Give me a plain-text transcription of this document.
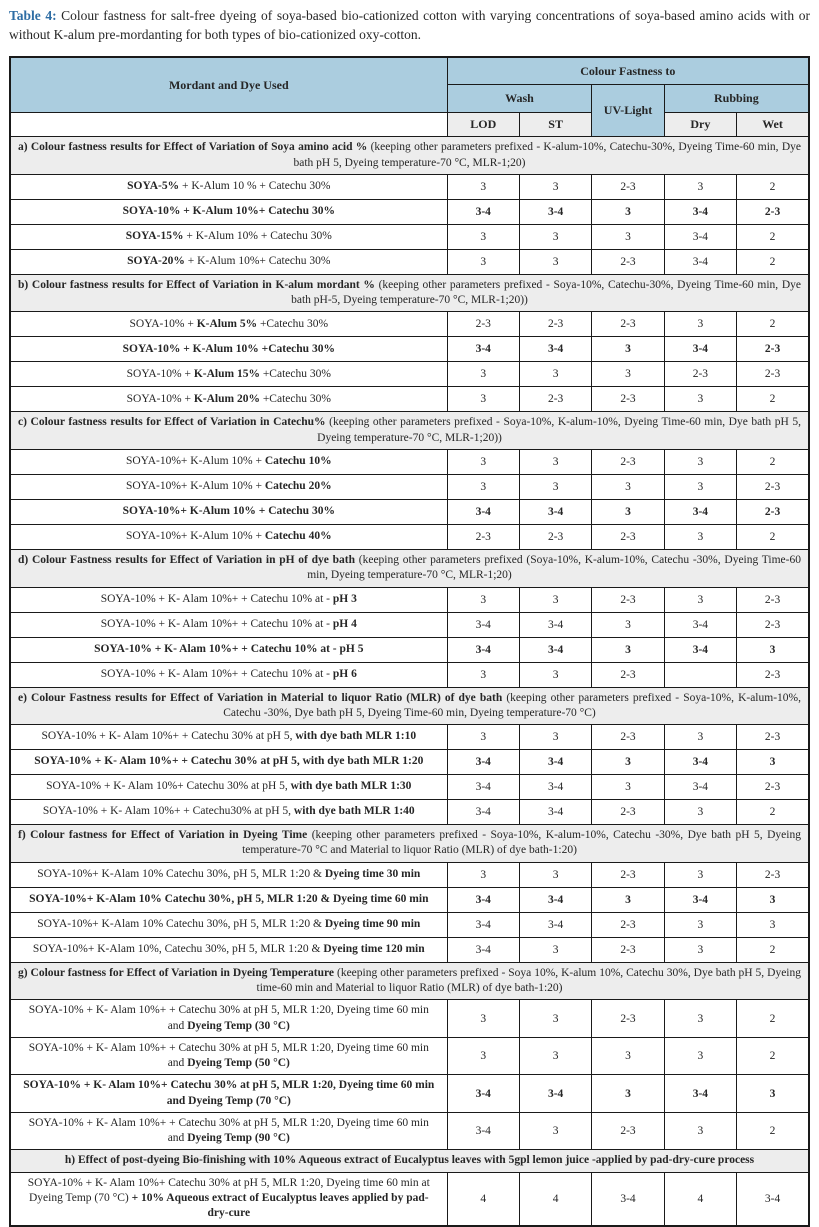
Table 4: Colour fastness for salt-free dyeing of soya-based bio-cationized cotton with varying concentrations of soya-based amino acids with or without K-alum pre-mordanting for both types of bio-cationized oxy-cotton.
Mordant and Dye Used	Colour Fastness to				
	Wash		UV-Light	Rubbing	
	LOD	ST		Dry	Wet
a) Colour fastness results for Effect of Variation of Soya amino acid % (keeping other parameters prefixed - K-alum-10%, Catechu-30%, Dyeing Time-60 min, Dye bath pH 5, Dyeing temperature-70 °C, MLR-1;20)					
SOYA-5% + K-Alum 10 % + Catechu 30%	3	3	2-3	3	2
SOYA-10% + K-Alum 10%+ Catechu 30%	3-4	3-4	3	3-4	2-3
SOYA-15% + K-Alum 10% + Catechu 30%	3	3	3	3-4	2
SOYA-20% + K-Alum 10%+ Catechu 30%	3	3	2-3	3-4	2
b) Colour fastness results for Effect of Variation in K-alum mordant % (keeping other parameters prefixed - Soya-10%, Catechu-30%, Dyeing Time-60 min, Dye bath pH-5, Dyeing temperature-70 °C, MLR-1;20))					
SOYA-10% + K-Alum 5% +Catechu 30%	2-3	2-3	2-3	3	2
SOYA-10% + K-Alum 10% +Catechu 30%	3-4	3-4	3	3-4	2-3
SOYA-10% + K-Alum 15% +Catechu 30%	3	3	3	2-3	2-3
SOYA-10% + K-Alum 20% +Catechu 30%	3	2-3	2-3	3	2
c) Colour fastness results for Effect of Variation in Catechu% (keeping other parameters prefixed - Soya-10%, K-alum-10%, Dyeing Time-60 min, Dye bath pH 5, Dyeing temperature-70 °C, MLR-1;20))					
SOYA-10%+ K-Alum 10% + Catechu 10%	3	3	2-3	3	2
SOYA-10%+ K-Alum 10% + Catechu 20%	3	3	3	3	2-3
SOYA-10%+ K-Alum 10% + Catechu 30%	3-4	3-4	3	3-4	2-3
SOYA-10%+ K-Alum 10% + Catechu 40%	2-3	2-3	2-3	3	2
d) Colour Fastness results for Effect of Variation in pH of dye bath (keeping other parameters prefixed (Soya-10%, K-alum-10%, Catechu -30%, Dyeing Time-60 min, Dyeing temperature-70 °C, MLR-1;20)					
SOYA-10% + K- Alam 10%+ + Catechu 10% at - pH 3	3	3	2-3	3	2-3
SOYA-10% + K- Alam 10%+ + Catechu 10% at - pH 4	3-4	3-4	3	3-4	2-3
SOYA-10% + K- Alam 10%+ + Catechu 10% at - pH 5	3-4	3-4	3	3-4	3
SOYA-10% + K- Alam 10%+ + Catechu 10% at - pH 6	3	3	2-3		2-3
e) Colour Fastness results for Effect of Variation in Material to liquor Ratio (MLR) of dye bath (keeping other parameters prefixed - Soya-10%, K-alum-10%, Catechu -30%, Dye bath pH 5, Dyeing Time-60 min, Dyeing temperature-70 °C)					
SOYA-10% + K- Alam 10%+ + Catechu 30% at pH 5, with dye bath MLR 1:10	3	3	2-3	3	2-3
SOYA-10% + K- Alam 10%+ + Catechu 30% at pH 5, with dye bath MLR 1:20	3-4	3-4	3	3-4	3
SOYA-10% + K- Alam 10%+ Catechu 30% at pH 5, with dye bath MLR 1:30	3-4	3-4	3	3-4	2-3
SOYA-10% + K- Alam 10%+ + Catechu30% at pH 5, with dye bath MLR 1:40	3-4	3-4	2-3	3	2
f) Colour fastness for Effect of Variation in Dyeing Time (keeping other parameters prefixed - Soya-10%, K-alum-10%, Catechu -30%, Dye bath pH 5, Dyeing temperature-70 °C and Material to liquor Ratio (MLR) of dye bath-1:20)					
SOYA-10%+ K-Alam 10% Catechu 30%, pH 5, MLR 1:20 & Dyeing time 30 min	3	3	2-3	3	2-3
SOYA-10%+ K-Alam 10% Catechu 30%, pH 5, MLR 1:20 & Dyeing time 60 min	3-4	3-4	3	3-4	3
SOYA-10%+ K-Alam 10% Catechu 30%, pH 5, MLR 1:20 & Dyeing time 90 min	3-4	3-4	2-3	3	3
SOYA-10%+ K-Alam 10%, Catechu 30%, pH 5, MLR 1:20 & Dyeing time 120 min	3-4	3	2-3	3	2
g) Colour fastness for Effect of Variation in Dyeing Temperature (keeping other parameters prefixed - Soya 10%, K-alum 10%, Catechu 30%, Dye bath pH 5, Dyeing time-60 min and Material to liquor Ratio (MLR) of dye bath-1:20)					
SOYA-10% + K- Alam 10%+ + Catechu 30% at pH 5, MLR 1:20, Dyeing time 60 min and Dyeing Temp (30 °C)	3	3	2-3	3	2
SOYA-10% + K- Alam 10%+ + Catechu 30% at pH 5, MLR 1:20, Dyeing time 60 min and Dyeing Temp (50 °C)	3	3	3	3	2
SOYA-10% + K- Alam 10%+ Catechu 30% at pH 5, MLR 1:20, Dyeing time 60 min and Dyeing Temp (70 °C)	3-4	3-4	3	3-4	3
SOYA-10% + K- Alam 10%+ + Catechu 30% at pH 5, MLR 1:20, Dyeing time 60 min and Dyeing Temp (90 °C)	3-4	3	2-3	3	2
h) Effect of post-dyeing Bio-finishing with 10% Aqueous extract of Eucalyptus leaves with 5gpl lemon juice -applied by pad-dry-cure process					
SOYA-10% + K- Alam 10%+ Catechu 30% at pH 5, MLR 1:20, Dyeing time 60 min at Dyeing Temp (70 °C) + 10% Aqueous extract of Eucalyptus leaves applied by pad-dry-cure	4	4	3-4	4	3-4
